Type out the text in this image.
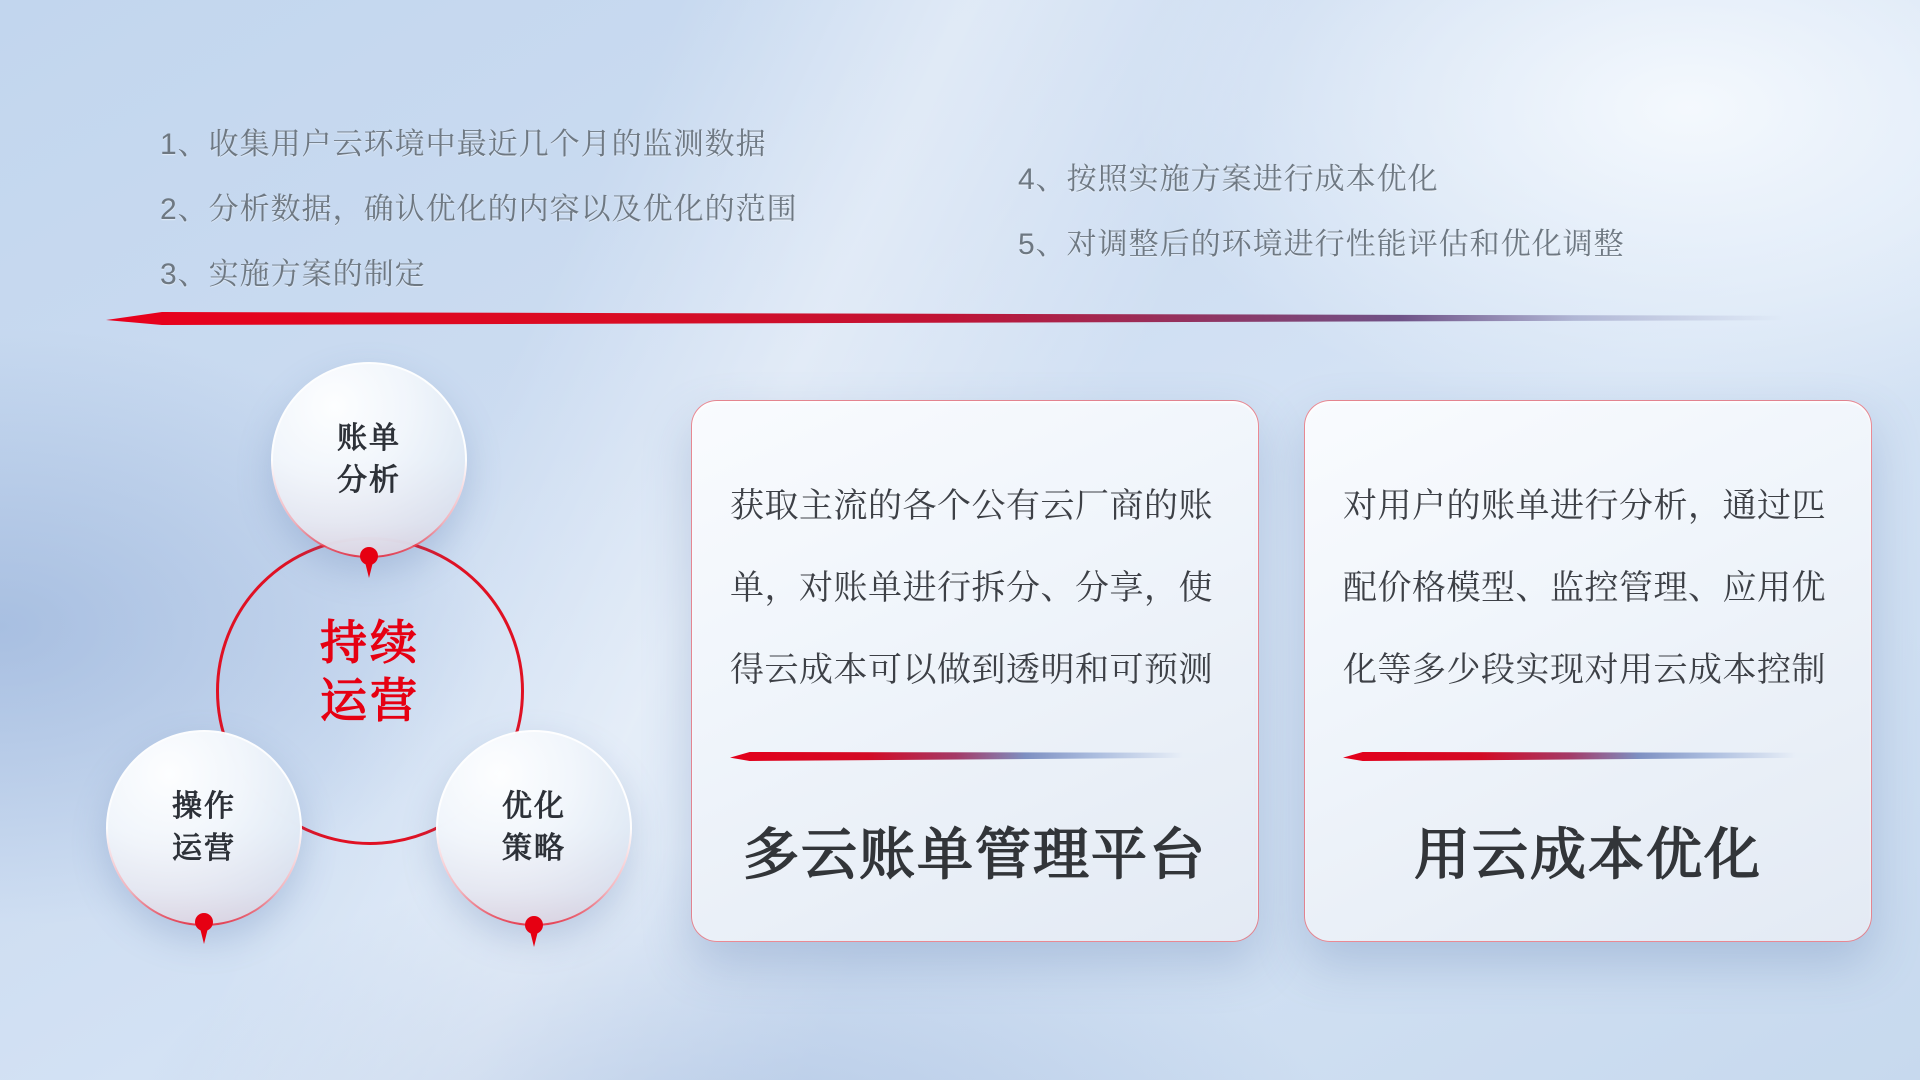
1、收集用户云环境中最近几个月的监测数据
2、分析数据，确认优化的内容以及优化的范围
3、实施方案的制定
4、按照实施方案进行成本优化
5、对调整后的环境进行性能评估和优化调整
持续
运营
账单
分析
操作
运营
优化
策略

获取主流的各个公有云厂商的账单，对账单进行拆分、分享，使得云成本可以做到透明和可预测

多云账单管理平台

对用户的账单进行分析，通过匹配价格模型、监控管理、应用优化等多少段实现对用云成本控制

用云成本优化
